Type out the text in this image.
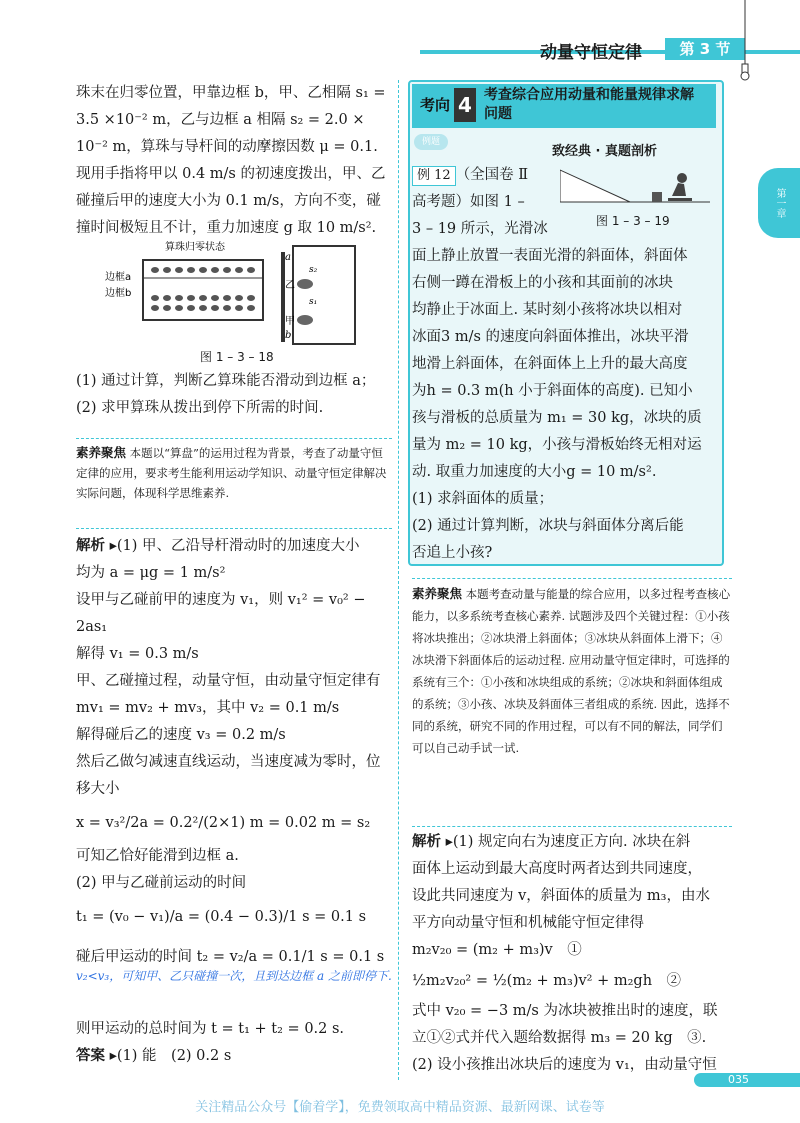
动量守恒定律	第 3 节
第一章

珠末在归零位置，甲靠边框 b，甲、乙相隔 s₁ =

3.5 ×10⁻² m，乙与边框 a 相隔 s₂ = 2.0 ×

10⁻² m，算珠与导杆间的动摩擦因数 μ = 0.1.

现用手指将甲以 0.4 m/s 的初速度拨出，甲、乙

碰撞后甲的速度大小为 0.1 m/s，方向不变，碰

撞时间极短且不计，重力加速度 g 取 10 m/s².

算珠归零状态
边框a
边框b
a
b
乙
甲
s₂
s₁
图 1 – 3 – 18

(1) 通过计算，判断乙算珠能否滑动到边框 a；

(2) 求甲算珠从拨出到停下所需的时间.

素养聚焦 本题以“算盘”的运用过程为背景，考查了动量守恒定律的应用，要求考生能利用运动学知识、动量守恒定律解决实际问题，体现科学思维素养.

解析 ▸(1) 甲、乙沿导杆滑动时的加速度大小

均为 a = μg = 1 m/s²

设甲与乙碰前甲的速度为 v₁，则 v₁² = v₀² − 2as₁

解得 v₁ = 0.3 m/s

甲、乙碰撞过程，动量守恒，由动量守恒定律有

mv₁ = mv₂ + mv₃，其中 v₂ = 0.1 m/s

解得碰后乙的速度 v₃ = 0.2 m/s

然后乙做匀减速直线运动，当速度减为零时，位

移大小

x = v₃²/2a = 0.2²/(2×1) m = 0.02 m = s₂

可知乙恰好能滑到边框 a.

(2) 甲与乙碰前运动的时间

t₁ = (v₀ − v₁)/a = (0.4 − 0.3)/1 s = 0.1 s

碰后甲运动的时间 t₂ = v₂/a = 0.1/1 s = 0.1 s

v₂<v₃，可知甲、乙只碰撞一次，且到达边框 a 之前即停下.

则甲运动的总时间为 t = t₁ + t₂ = 0.2 s.

答案 ▸(1) 能　(2) 0.2 s

考向 4 考查综合应用动量和能量规律求解问题
例题
致经典 · 真题剖析
图 1 – 3 – 19

例 12 （全国卷 Ⅱ

高考题）如图 1 –

3 – 19 所示，光滑冰

面上静止放置一表面光滑的斜面体，斜面体

右侧一蹲在滑板上的小孩和其面前的冰块

均静止于冰面上. 某时刻小孩将冰块以相对

冰面3 m/s 的速度向斜面体推出，冰块平滑

地滑上斜面体，在斜面体上上升的最大高度

为h = 0.3 m(h 小于斜面体的高度). 已知小

孩与滑板的总质量为 m₁ = 30 kg，冰块的质

量为 m₂ = 10 kg，小孩与滑板始终无相对运

动. 取重力加速度的大小g = 10 m/s².

(1) 求斜面体的质量；

(2) 通过计算判断，冰块与斜面体分离后能

否追上小孩?

素养聚焦 本题考查动量与能量的综合应用，以多过程考查核心能力，以多系统考查核心素养. 试题涉及四个关键过程：①小孩将冰块推出；②冰块滑上斜面体；③冰块从斜面体上滑下；④冰块滑下斜面体后的运动过程. 应用动量守恒定律时，可选择的系统有三个：①小孩和冰块组成的系统；②冰块和斜面体组成的系统；③小孩、冰块及斜面体三者组成的系统. 因此，选择不同的系统，研究不同的作用过程，可以有不同的解法，同学们可以自己动手试一试.

解析 ▸(1) 规定向右为速度正方向. 冰块在斜

面体上运动到最大高度时两者达到共同速度，

设此共同速度为 v，斜面体的质量为 m₃，由水

平方向动量守恒和机械能守恒定律得

m₂v₂₀ = (m₂ + m₃)v　①

½m₂v₂₀² = ½(m₂ + m₃)v² + m₂gh　②

式中 v₂₀ = −3 m/s 为冰块被推出时的速度，联

立①②式并代入题给数据得 m₃ = 20 kg　③.

(2) 设小孩推出冰块后的速度为 v₁，由动量守恒

035
关注精品公众号【偷着学】，免费领取高中精品资源、最新网课、试卷等
